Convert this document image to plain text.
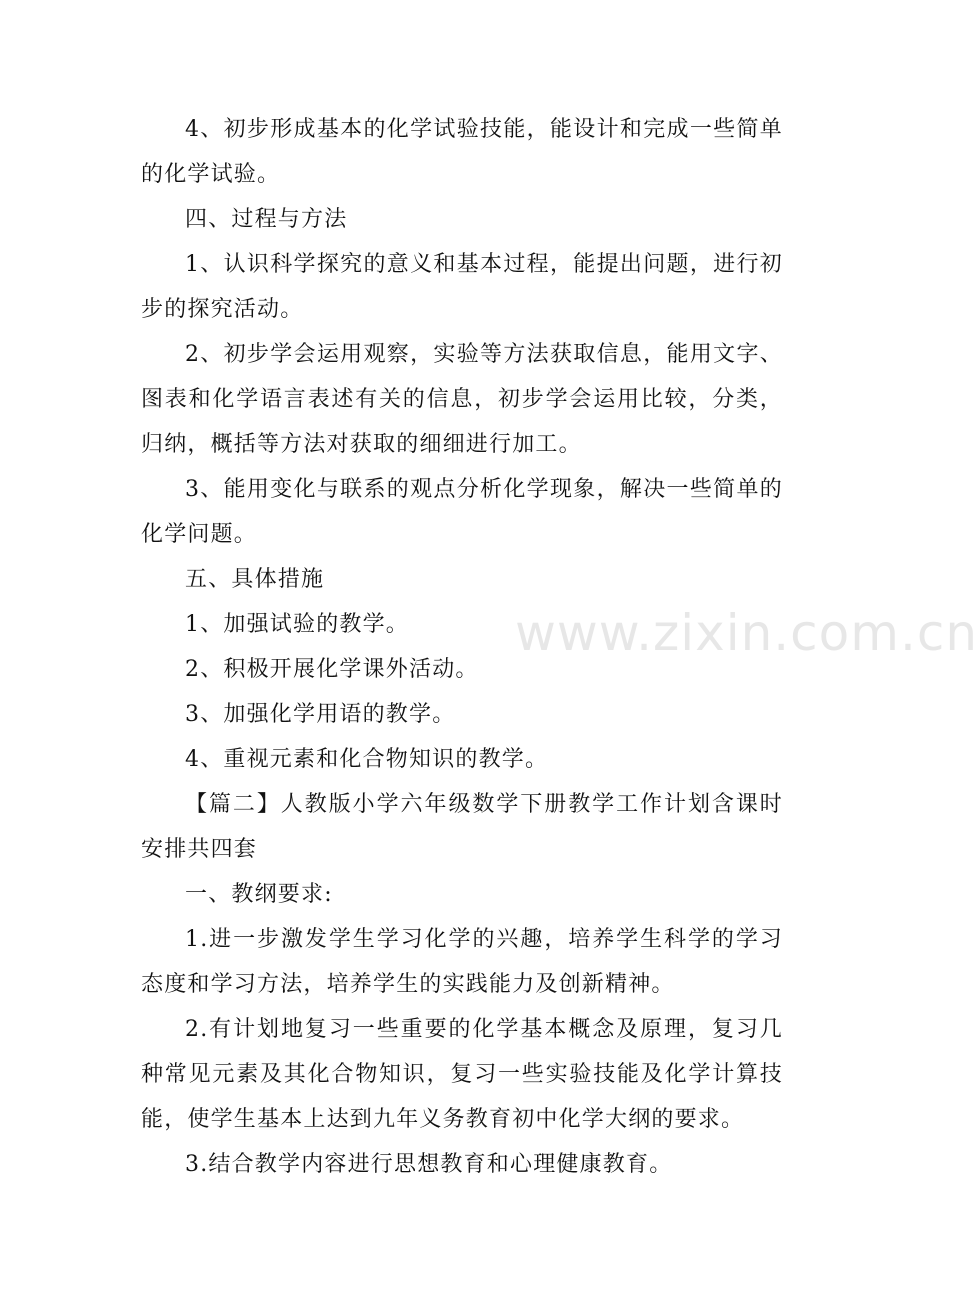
4、初步形成基本的化学试验技能，能设计和完成一些简单的化学试验。

四、过程与方法

1、认识科学探究的意义和基本过程，能提出问题，进行初步的探究活动。

2、初步学会运用观察，实验等方法获取信息，能用文字、图表和化学语言表述有关的信息，初步学会运用比较，分类，归纳，概括等方法对获取的细细进行加工。

3、能用变化与联系的观点分析化学现象，解决一些简单的化学问题。

五、具体措施

1、加强试验的教学。

2、积极开展化学课外活动。

3、加强化学用语的教学。

4、重视元素和化合物知识的教学。

【篇二】人教版小学六年级数学下册教学工作计划含课时安排共四套

一、教纲要求:

1.进一步激发学生学习化学的兴趣，培养学生科学的学习态度和学习方法，培养学生的实践能力及创新精神。

2.有计划地复习一些重要的化学基本概念及原理，复习几种常见元素及其化合物知识，复习一些实验技能及化学计算技能，使学生基本上达到九年义务教育初中化学大纲的要求。

3.结合教学内容进行思想教育和心理健康教育。

www.zixin.com.cn
